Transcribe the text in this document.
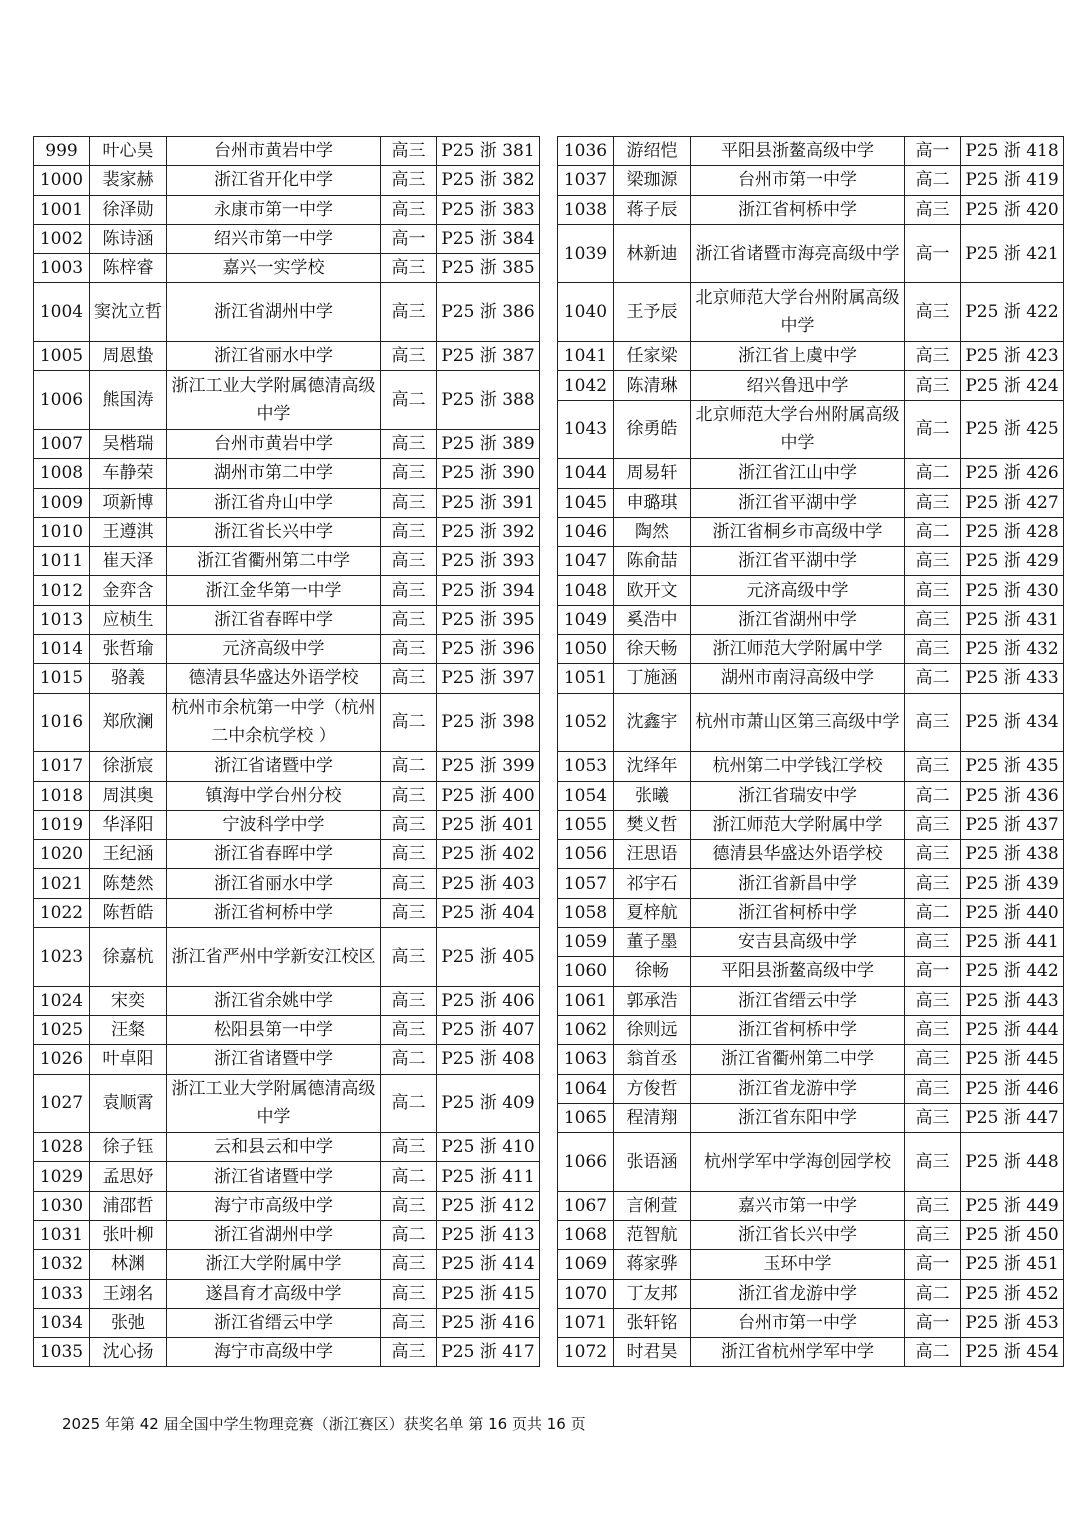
999	叶心昊	台州市黄岩中学	高三	P25 浙 381
1000	裴家赫	浙江省开化中学	高三	P25 浙 382
1001	徐泽勋	永康市第一中学	高三	P25 浙 383
1002	陈诗涵	绍兴市第一中学	高一	P25 浙 384
1003	陈梓睿	嘉兴一实学校	高三	P25 浙 385
1004	窦沈立哲	浙江省湖州中学	高三	P25 浙 386
1005	周恩蛰	浙江省丽水中学	高三	P25 浙 387
1006	熊国涛	浙江工业大学附属德清高级中学	高二	P25 浙 388
1007	吴楷瑞	台州市黄岩中学	高三	P25 浙 389
1008	车静荣	湖州市第二中学	高三	P25 浙 390
1009	项新博	浙江省舟山中学	高三	P25 浙 391
1010	王遵淇	浙江省长兴中学	高三	P25 浙 392
1011	崔天泽	浙江省衢州第二中学	高三	P25 浙 393
1012	金弈含	浙江金华第一中学	高三	P25 浙 394
1013	应桢生	浙江省春晖中学	高三	P25 浙 395
1014	张哲瑜	元济高级中学	高三	P25 浙 396
1015	骆義	德清县华盛达外语学校	高三	P25 浙 397
1016	郑欣澜	杭州市余杭第一中学（杭州二中余杭学校 ）	高二	P25 浙 398
1017	徐浙宸	浙江省诸暨中学	高二	P25 浙 399
1018	周淇奥	镇海中学台州分校	高三	P25 浙 400
1019	华泽阳	宁波科学中学	高三	P25 浙 401
1020	王纪涵	浙江省春晖中学	高三	P25 浙 402
1021	陈楚然	浙江省丽水中学	高三	P25 浙 403
1022	陈哲皓	浙江省柯桥中学	高三	P25 浙 404
1023	徐嘉杭	浙江省严州中学新安江校区	高三	P25 浙 405
1024	宋奕	浙江省余姚中学	高三	P25 浙 406
1025	汪粲	松阳县第一中学	高三	P25 浙 407
1026	叶卓阳	浙江省诸暨中学	高二	P25 浙 408
1027	袁顺霄	浙江工业大学附属德清高级中学	高二	P25 浙 409
1028	徐子钰	云和县云和中学	高三	P25 浙 410
1029	孟思妤	浙江省诸暨中学	高二	P25 浙 411
1030	浦邵哲	海宁市高级中学	高三	P25 浙 412
1031	张叶柳	浙江省湖州中学	高二	P25 浙 413
1032	林渊	浙江大学附属中学	高三	P25 浙 414
1033	王翊名	遂昌育才高级中学	高三	P25 浙 415
1034	张弛	浙江省缙云中学	高三	P25 浙 416
1035	沈心扬	海宁市高级中学	高三	P25 浙 417
1036	游绍恺	平阳县浙鳌高级中学	高一	P25 浙 418
1037	梁珈源	台州市第一中学	高二	P25 浙 419
1038	蒋子辰	浙江省柯桥中学	高三	P25 浙 420
1039	林新迪	浙江省诸暨市海亮高级中学	高一	P25 浙 421
1040	王予辰	北京师范大学台州附属高级中学	高三	P25 浙 422
1041	任家梁	浙江省上虞中学	高三	P25 浙 423
1042	陈清琳	绍兴鲁迅中学	高三	P25 浙 424
1043	徐勇皓	北京师范大学台州附属高级中学	高二	P25 浙 425
1044	周易轩	浙江省江山中学	高二	P25 浙 426
1045	申璐琪	浙江省平湖中学	高三	P25 浙 427
1046	陶然	浙江省桐乡市高级中学	高二	P25 浙 428
1047	陈俞喆	浙江省平湖中学	高三	P25 浙 429
1048	欧开文	元济高级中学	高三	P25 浙 430
1049	奚浩中	浙江省湖州中学	高三	P25 浙 431
1050	徐天畅	浙江师范大学附属中学	高三	P25 浙 432
1051	丁施涵	湖州市南浔高级中学	高二	P25 浙 433
1052	沈鑫宇	杭州市萧山区第三高级中学	高三	P25 浙 434
1053	沈绎年	杭州第二中学钱江学校	高三	P25 浙 435
1054	张曦	浙江省瑞安中学	高二	P25 浙 436
1055	樊义哲	浙江师范大学附属中学	高三	P25 浙 437
1056	汪思语	德清县华盛达外语学校	高三	P25 浙 438
1057	祁宇石	浙江省新昌中学	高三	P25 浙 439
1058	夏梓航	浙江省柯桥中学	高二	P25 浙 440
1059	董子墨	安吉县高级中学	高三	P25 浙 441
1060	徐畅	平阳县浙鳌高级中学	高一	P25 浙 442
1061	郭承浩	浙江省缙云中学	高三	P25 浙 443
1062	徐则远	浙江省柯桥中学	高三	P25 浙 444
1063	翁首丞	浙江省衢州第二中学	高三	P25 浙 445
1064	方俊哲	浙江省龙游中学	高三	P25 浙 446
1065	程清翔	浙江省东阳中学	高三	P25 浙 447
1066	张语涵	杭州学军中学海创园学校	高三	P25 浙 448
1067	言俐萱	嘉兴市第一中学	高三	P25 浙 449
1068	范智航	浙江省长兴中学	高三	P25 浙 450
1069	蒋家骅	玉环中学	高一	P25 浙 451
1070	丁友邦	浙江省龙游中学	高二	P25 浙 452
1071	张轩铭	台州市第一中学	高一	P25 浙 453
1072	时君昊	浙江省杭州学军中学	高二	P25 浙 454
2025 年第 42 届全国中学生物理竞赛（浙江赛区）获奖名单 第 16 页共 16 页
